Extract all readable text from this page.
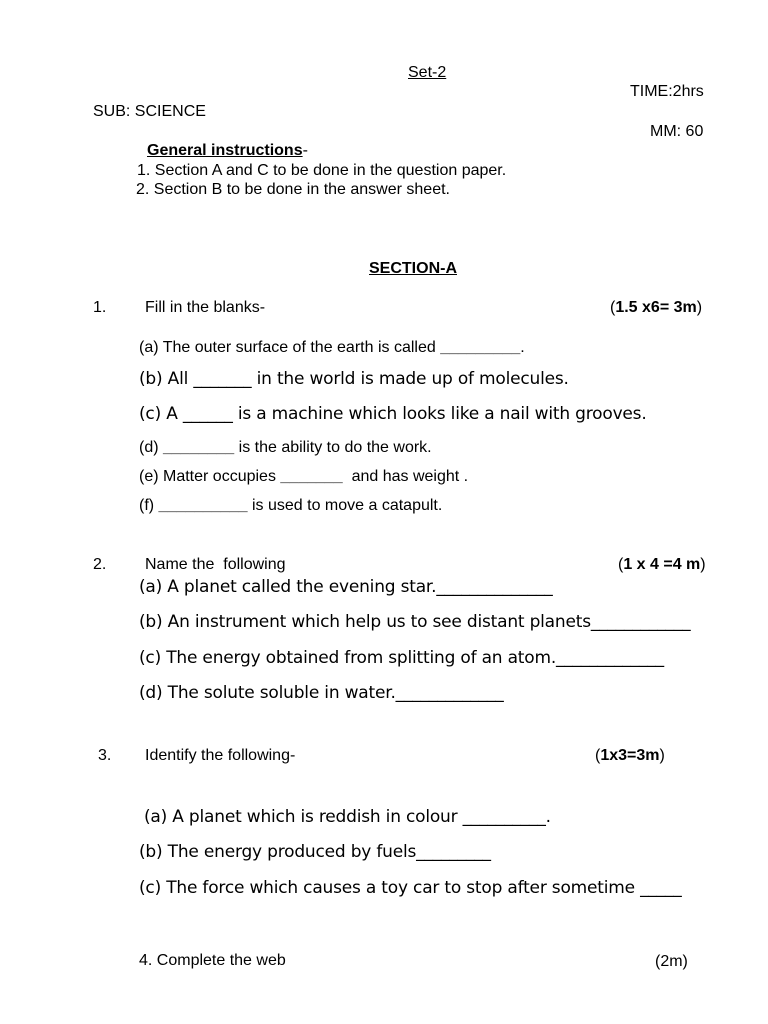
Set-2
TIME:2hrs
SUB: SCIENCE
MM: 60
General instructions-
1. Section A and C to be done in the question paper.
2. Section B to be done in the answer sheet.
SECTION-A
1. Fill in the blanks-	(1.5 x6= 3m)
(a) The outer surface of the earth is called _________.
(b) All _______ in the world is made up of molecules.
(c) A ______ is a machine which looks like a nail with grooves.
(d) ________ is the ability to do the work.
(e) Matter occupies _______  and has weight .
(f) __________ is used to move a catapult.
2. Name the  following	(1 x 4 =4 m)
(a) A planet called the evening star.______________
(b) An instrument which help us to see distant planets____________
(c) The energy obtained from splitting of an atom._____________
(d) The solute soluble in water._____________
3. Identify the following-	(1x3=3m)
(a) A planet which is reddish in colour __________.
(b) The energy produced by fuels_________
(c) The force which causes a toy car to stop after sometime _____
4. Complete the web	(2m)
